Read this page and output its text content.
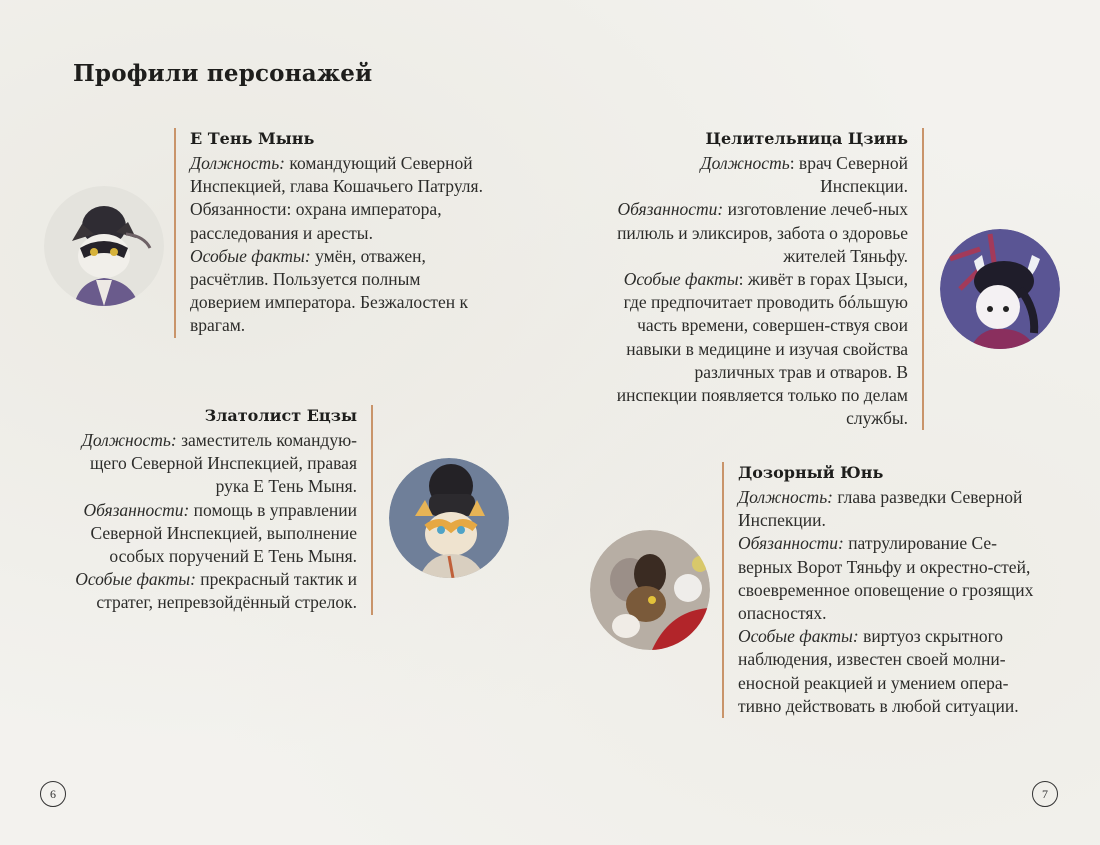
Профили персонажей
Е Тень Мынь
Должность: командующий Северной Инспекцией, глава Кошачьего Патруля.
Обязанности: охрана императора, расследования и аресты.
Особые факты: умён, отважен, расчётлив. Пользуется полным доверием императора. Безжалостен к врагам.
Златолист Ецзы
Должность: заместитель командую-щего Северной Инспекцией, правая рука Е Тень Мыня.
Обязанности: помощь в управлении Северной Инспекцией, выполнение особых поручений Е Тень Мыня.
Особые факты: прекрасный тактик и стратег, непревзойдённый стрелок.
Целительница Цзинь
Должность: врач Северной Инспекции.
Обязанности: изготовление лечеб-ных пилюль и эликсиров, забота о здоровье жителей Тяньфу.
Особые факты: живёт в горах Цзыси, где предпочитает проводить бóльшую часть времени, совершен-ствуя свои навыки в медицине и изучая свойства различных трав и отваров. В инспекции появляется только по делам службы.
Дозорный Юнь
Должность: глава разведки Северной Инспекции.
Обязанности: патрулирование Се-верных Ворот Тяньфу и окрестно-стей, своевременное оповещение о грозящих опасностях.
Особые факты: виртуоз скрытного наблюдения, известен своей молни-еносной реакцией и умением опера-тивно действовать в любой ситуации.
6	7
